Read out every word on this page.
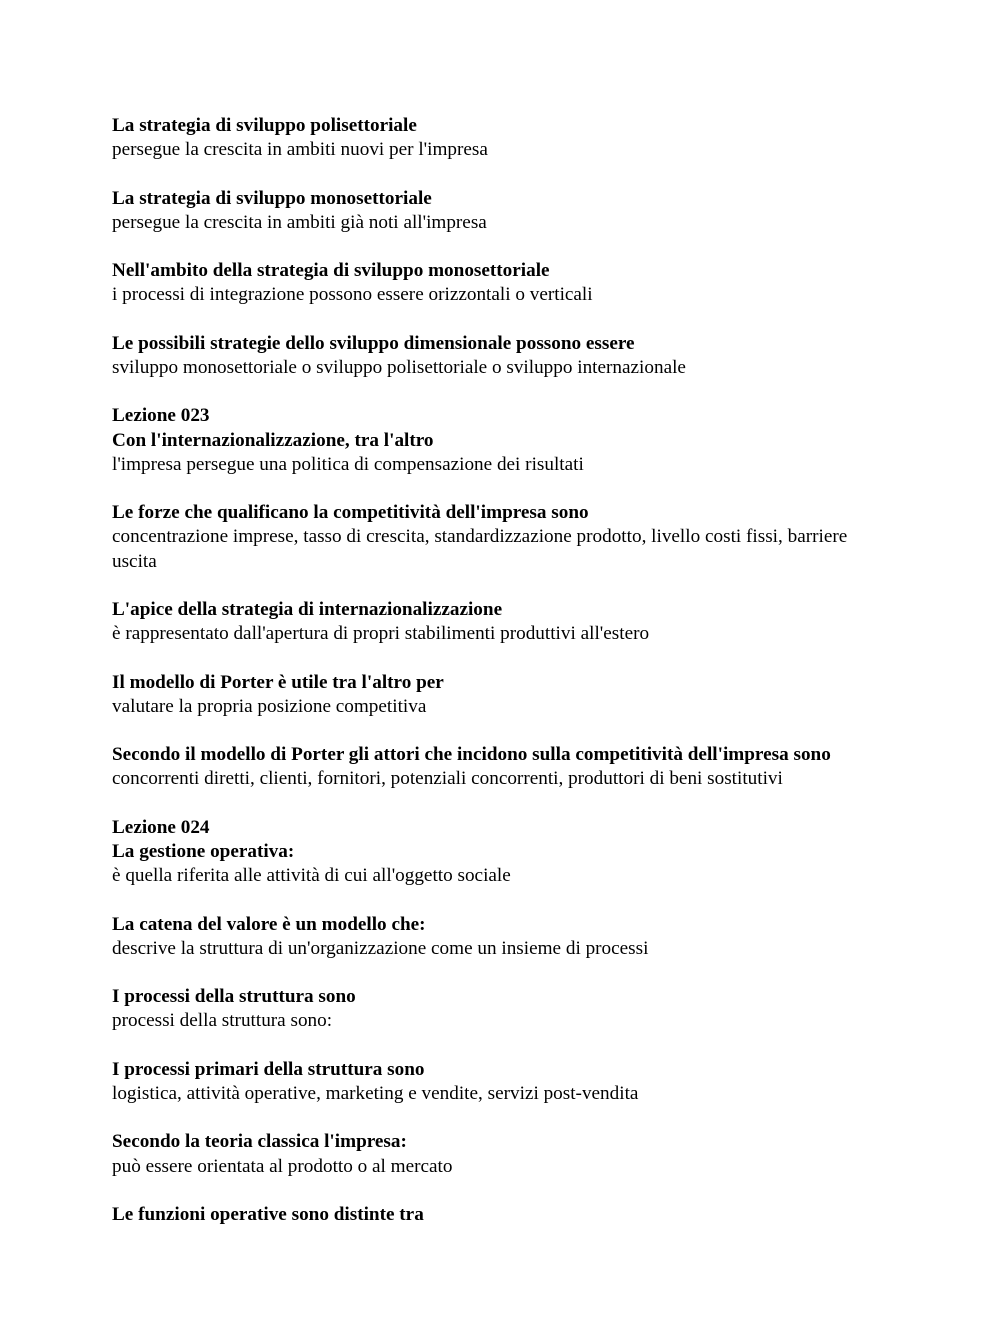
La strategia di sviluppo polisettoriale
persegue la crescita in ambiti nuovi per l'impresa
La strategia di sviluppo monosettoriale
persegue la crescita in ambiti già noti all'impresa
Nell'ambito della strategia di sviluppo monosettoriale
i processi di integrazione possono essere orizzontali o verticali
Le possibili strategie dello sviluppo dimensionale possono essere
sviluppo monosettoriale o sviluppo polisettoriale o sviluppo internazionale
Lezione 023
Con l'internazionalizzazione, tra l'altro
l'impresa persegue una politica di compensazione dei risultati
Le forze che qualificano la competitività dell'impresa sono
concentrazione imprese, tasso di crescita, standardizzazione prodotto, livello costi fissi, barriere uscita
L'apice della strategia di internazionalizzazione
è rappresentato dall'apertura di propri stabilimenti produttivi all'estero
Il modello di Porter è utile tra l'altro per
valutare la propria posizione competitiva
Secondo il modello di Porter gli attori che incidono sulla competitività dell'impresa sono
concorrenti diretti, clienti, fornitori, potenziali concorrenti, produttori di beni sostitutivi
Lezione 024
La gestione operativa:
è quella riferita alle attività di cui all'oggetto sociale
La catena del valore è un modello che:
descrive la struttura di un'organizzazione come un insieme di processi
I processi della struttura sono
processi della struttura sono:
I processi primari della struttura sono
logistica, attività operative, marketing e vendite, servizi post-vendita
Secondo la teoria classica l'impresa:
può essere orientata al prodotto o al mercato
Le funzioni operative sono distinte tra
